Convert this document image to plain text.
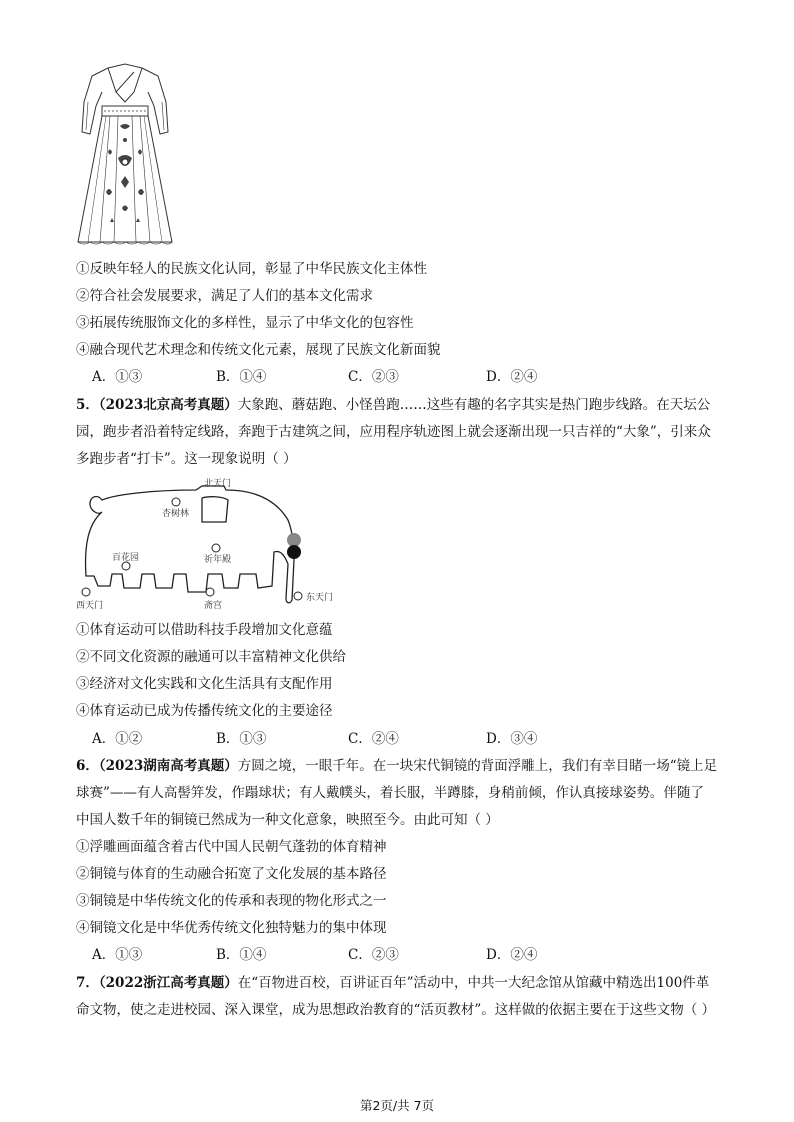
①反映年轻人的民族文化认同，彰显了中华民族文化主体性
②符合社会发展要求，满足了人们的基本文化需求
③拓展传统服饰文化的多样性，显示了中华文化的包容性
④融合现代艺术理念和传统文化元素，展现了民族文化新面貌
A．①③	B．①④	C．②③	D．②④
5．（2023北京高考真题）大象跑、蘑菇跑、小怪兽跑……这些有趣的名字其实是热门跑步线路。在天坛公
园，跑步者沿着特定线路，奔跑于古建筑之间，应用程序轨迹图上就会逐渐出现一只吉祥的“大象”，引来众
多跑步者“打卡”。这一现象说明（ ）
北天门
杏树林
百花园	祈年殿
西天门	斋宫
东天门
①体育运动可以借助科技手段增加文化意蕴
②不同文化资源的融通可以丰富精神文化供给
③经济对文化实践和文化生活具有支配作用
④体育运动已成为传播传统文化的主要途径
A．①②	B．①③	C．②④	D．③④
6．（2023湖南高考真题）方圆之境，一眼千年。在一块宋代铜镜的背面浮雕上，我们有幸目睹一场“镜上足
球赛”——有人高髻笄发，作蹋球状；有人戴幞头，着长服，半蹲膝，身稍前倾，作认真接球姿势。伴随了
中国人数千年的铜镜已然成为一种文化意象，映照至今。由此可知（ ）
①浮雕画面蕴含着古代中国人民朝气蓬勃的体育精神
②铜镜与体育的生动融合拓宽了文化发展的基本路径
③铜镜是中华传统文化的传承和表现的物化形式之一
④铜镜文化是中华优秀传统文化独特魅力的集中体现
A．①③	B．①④	C．②③	D．②④
7．（2022浙江高考真题）在“百物进百校，百讲证百年”活动中，中共一大纪念馆从馆藏中精选出100件革
命文物，使之走进校园、深入课堂，成为思想政治教育的“活页教材”。这样做的依据主要在于这些文物（ ）
第2页/共 7页
